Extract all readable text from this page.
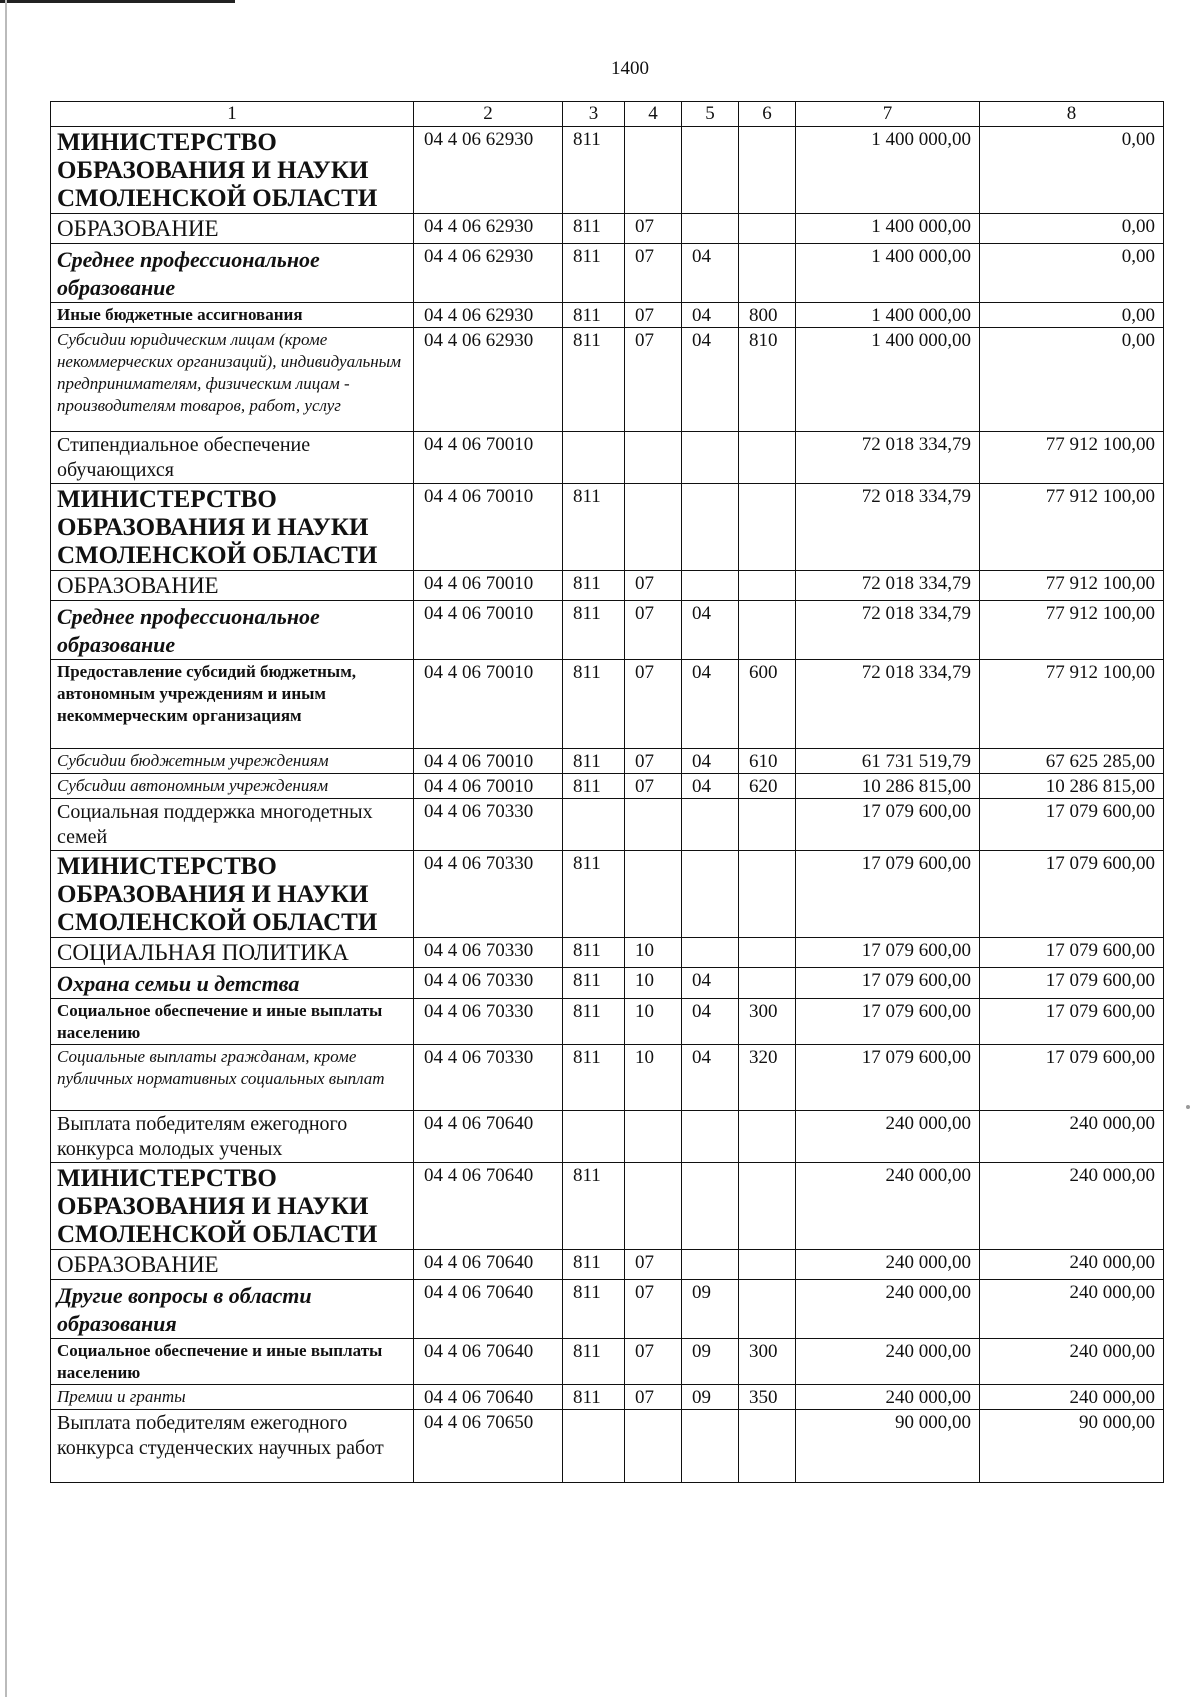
1400
1	2	3	4	5	6	7	8
МИНИСТЕРСТВО ОБРАЗОВАНИЯ И НАУКИ СМОЛЕНСКОЙ ОБЛАСТИ	04 4 06 62930	811				1 400 000,00	0,00
ОБРАЗОВАНИЕ	04 4 06 62930	811	07			1 400 000,00	0,00
Среднее профессиональное образование	04 4 06 62930	811	07	04		1 400 000,00	0,00
Иные бюджетные ассигнования	04 4 06 62930	811	07	04	800	1 400 000,00	0,00
Субсидии юридическим лицам (кроме некоммерческих организаций), индивидуальным предпринимателям, физическим лицам - производителям товаров, работ, услуг	04 4 06 62930	811	07	04	810	1 400 000,00	0,00
Стипендиальное обеспечение обучающихся	04 4 06 70010					72 018 334,79	77 912 100,00
МИНИСТЕРСТВО ОБРАЗОВАНИЯ И НАУКИ СМОЛЕНСКОЙ ОБЛАСТИ	04 4 06 70010	811				72 018 334,79	77 912 100,00
ОБРАЗОВАНИЕ	04 4 06 70010	811	07			72 018 334,79	77 912 100,00
Среднее профессиональное образование	04 4 06 70010	811	07	04		72 018 334,79	77 912 100,00
Предоставление субсидий бюджетным, автономным учреждениям и иным некоммерческим организациям	04 4 06 70010	811	07	04	600	72 018 334,79	77 912 100,00
Субсидии бюджетным учреждениям	04 4 06 70010	811	07	04	610	61 731 519,79	67 625 285,00
Субсидии автономным учреждениям	04 4 06 70010	811	07	04	620	10 286 815,00	10 286 815,00
Социальная поддержка многодетных семей	04 4 06 70330					17 079 600,00	17 079 600,00
МИНИСТЕРСТВО ОБРАЗОВАНИЯ И НАУКИ СМОЛЕНСКОЙ ОБЛАСТИ	04 4 06 70330	811				17 079 600,00	17 079 600,00
СОЦИАЛЬНАЯ ПОЛИТИКА	04 4 06 70330	811	10			17 079 600,00	17 079 600,00
Охрана семьи и детства	04 4 06 70330	811	10	04		17 079 600,00	17 079 600,00
Социальное обеспечение и иные выплаты населению	04 4 06 70330	811	10	04	300	17 079 600,00	17 079 600,00
Социальные выплаты гражданам, кроме публичных нормативных социальных выплат	04 4 06 70330	811	10	04	320	17 079 600,00	17 079 600,00
Выплата победителям ежегодного конкурса молодых ученых	04 4 06 70640					240 000,00	240 000,00
МИНИСТЕРСТВО ОБРАЗОВАНИЯ И НАУКИ СМОЛЕНСКОЙ ОБЛАСТИ	04 4 06 70640	811				240 000,00	240 000,00
ОБРАЗОВАНИЕ	04 4 06 70640	811	07			240 000,00	240 000,00
Другие вопросы в области образования	04 4 06 70640	811	07	09		240 000,00	240 000,00
Социальное обеспечение и иные выплаты населению	04 4 06 70640	811	07	09	300	240 000,00	240 000,00
Премии и гранты	04 4 06 70640	811	07	09	350	240 000,00	240 000,00
Выплата победителям ежегодного конкурса студенческих научных работ	04 4 06 70650					90 000,00	90 000,00
